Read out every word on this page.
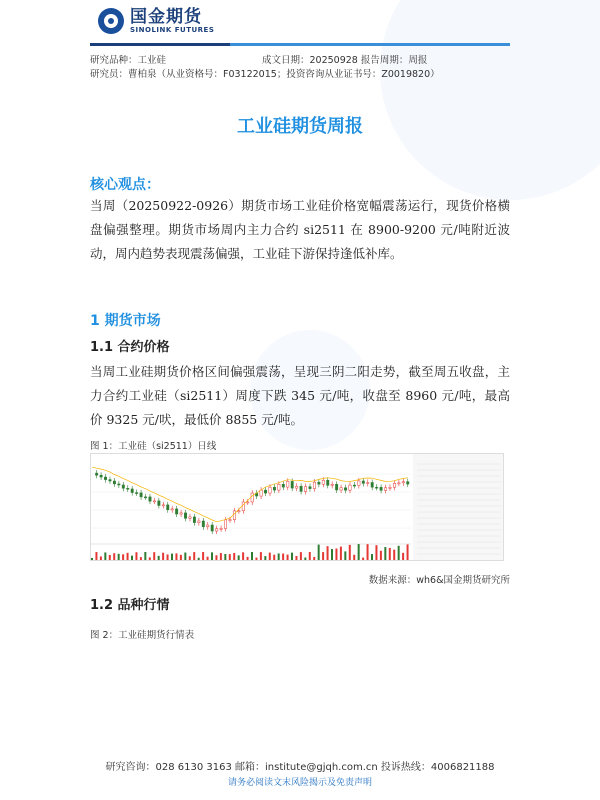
国金期货
SINOLINK FUTURES
研究品种：工业硅	成文日期：20250928 报告周期：周报
研究员：曹柏泉（从业资格号：F03122015；投资咨询从业证书号：Z0019820）
工业硅期货周报
核心观点：
当周（20250922-0926）期货市场工业硅价格宽幅震荡运行，现货价格横盘偏强整理。期货市场周内主力合约 si2511 在 8900-9200 元/吨附近波动，周内趋势表现震荡偏强，工业硅下游保持逢低补库。
1 期货市场
1.1 合约价格
当周工业硅期货价格区间偏强震荡，呈现三阴二阳走势，截至周五收盘，主力合约工业硅（si2511）周度下跌 345 元/吨，收盘至 8960 元/吨，最高价 9325 元/吠，最低价 8855 元/吨。
图 1：工业硅（si2511）日线
数据来源：wh6&国金期货研究所
1.2 品种行情
图 2：工业硅期货行情表
研究咨询：028 6130 3163 邮箱：institute@gjqh.com.cn 投诉热线：4006821188
请务必阅读文末风险揭示及免责声明
